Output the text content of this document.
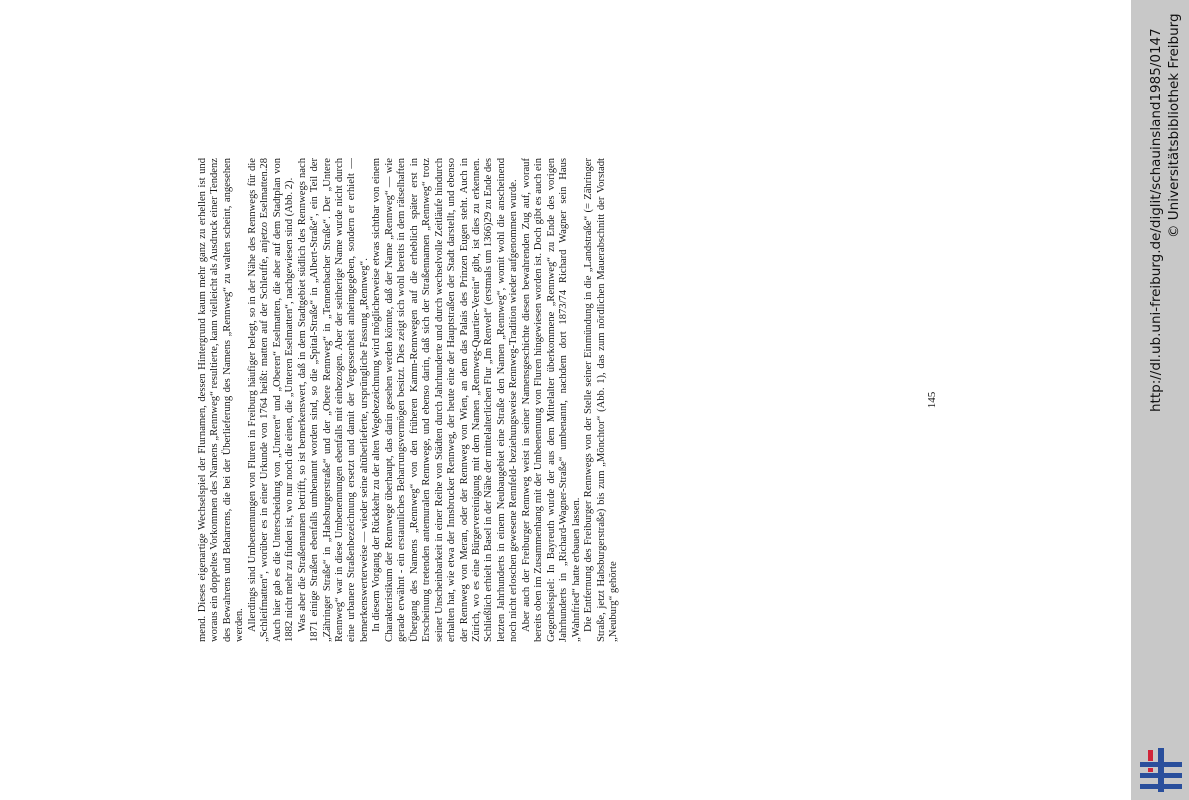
mend. Dieses eigenartige Wechselspiel der Flurnamen, dessen Hintergrund kaum mehr ganz zu erhellen ist und woraus ein doppeltes Vorkommen des Namens „Rennweg“ resultierte, kann vielleicht als Ausdruck einer Tendenz des Bewahrens und Beharrens, die bei der Überlieferung des Namens „Rennweg“ zu walten scheint, angesehen werden. Allerdings sind Umbenennungen von Fluren in Freiburg häufiger belegt, so in der Nähe des Rennwegs für die „Schleifmatten“, worüber es in einer Urkunde von 1764 heißt: matten auf der Schleuffe, anjetzo Eselmatten.28 Auch hier gab es die Unterscheidung von „Unteren“ und „Oberen“ Eselmatten, die aber auf dem Stadtplan von 1882 nicht mehr zu finden ist, wo nur noch die einen, die „Unteren Eselmatten“, nachgewiesen sind (Abb. 2). Was aber die Straßennamen betrifft, so ist bemerkenswert, daß in dem Stadtgebiet südlich des Rennwegs nach 1871 einige Straßen ebenfalls umbenannt worden sind, so die „Spital-Straße“ in „Albert-Straße“, ein Teil der „Zähringer Straße“ in „Habsburgerstraße“ und der „Obere Rennweg“ in „Tennenbacher Straße“. Der „Untere Rennweg“ war in diese Umbenennungen ebenfalls mit einbezogen. Aber der seitherige Name wurde nicht durch eine urbanere Straßenbezeichnung ersetzt und damit der Vergessenheit anheimgegeben, sondern er erhielt — bemerkenswerterweise — wieder seine altüberlieferte, ursprüngliche Fassung „Rennweg“. In diesem Vorgang der Rückkehr zu der alten Wegebezeichnung wird möglicherweise etwas sichtbar von einem Charakteristikum der Rennwege überhaupt, das darin gesehen werden könnte, daß der Name „Rennweg“ — wie gerade erwähnt - ein erstaunliches Beharrungsvermögen besitzt. Dies zeigt sich wohl bereits in dem rätselhaften Übergang des Namens „Rennweg“ von den früheren Kamm-Rennwegen auf die erheblich später erst in Erscheinung tretenden antemuralen Rennwege, und ebenso darin, daß sich der Straßennamen „Rennweg“ trotz seiner Unscheinbarkeit in einer Reihe von Städten durch Jahrhunderte und durch wechselvolle Zeitläufe hindurch erhalten hat, wie etwa der Innsbrucker Rennweg, der heute eine der Hauptstraßen der Stadt darstellt, und ebenso der Rennweg von Meran, oder der Rennweg von Wien, an dem das Palais des Prinzen Eugen steht. Auch in Zürich, wo es eine Bürgervereinigung mit dem Namen „Rennweg-Quartier-Verein“ gibt, ist dies zu erkennen. Schließlich erhielt in Basel in der Nähe der mittelalterlichen Flur „Im Renvelt“ (erstmals um 1366)29 zu Ende des letzten Jahrhunderts in einem Neubaugebiet eine Straße den Namen „Rennweg“, womit wohl die anscheinend noch nicht erloschen gewesene Rennfeld- beziehungsweise Rennweg-Tradition wieder aufgenommen wurde. Aber auch der Freiburger Rennweg weist in seiner Namensgeschichte diesen bewahrenden Zug auf, worauf bereits oben im Zusammenhang mit der Umbenennung von Fluren hingewiesen worden ist. Doch gibt es auch ein Gegenbeispiel: In Bayreuth wurde der aus dem Mittelalter überkommene „Rennweg“ zu Ende des vorigen Jahrhunderts in „Richard-Wagner-Straße“ umbenannt, nachdem dort 1873/74 Richard Wagner sein Haus „Wahnfried“ hatte erbauen lassen. Die Entfernung des Freiburger Rennwegs von der Stelle seiner Einmündung in die „Landstraße“ (= Zähringer Straße, jetzt Habsburgerstraße) bis zum „Mönchtor“ (Abb. 1), das zum nördlichen Mauerabschnitt der Vorstadt „Neuburg“ gehörte

145	http://dl.ub.uni-freiburg.de/diglit/schauinsland1985/0147 © Universitätsbibliothek Freiburg
